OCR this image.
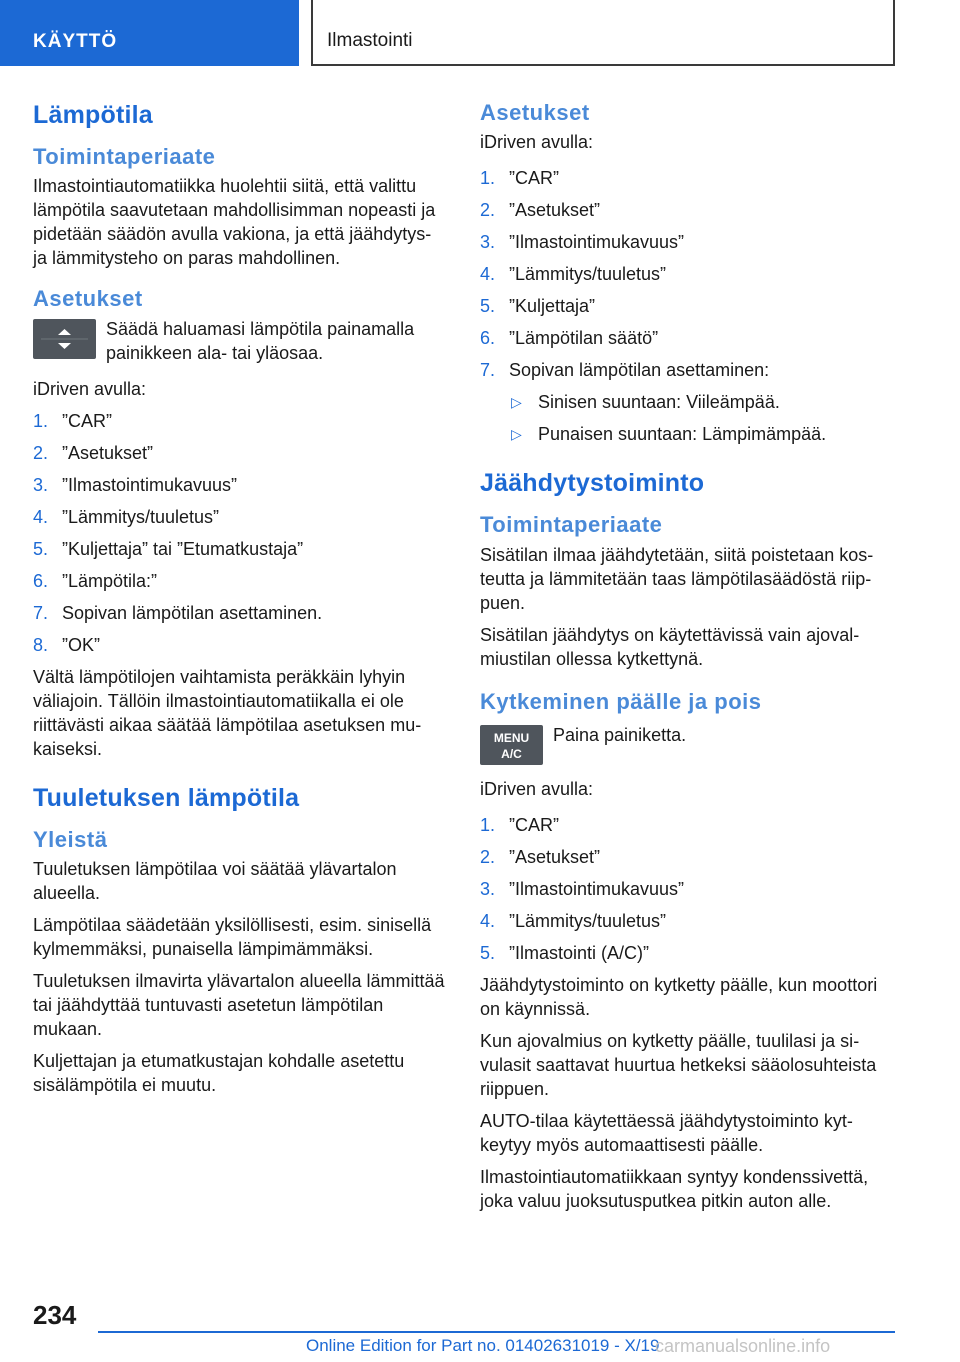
KÄYTTÖ	Ilmastointi
Lämpötila
Toimintaperiaate

Ilmastointiautomatiikka huolehtii siitä, että valittu lämpötila saavutetaan mahdollisimman nopeasti ja pidetään säädön avulla vakiona, ja että jäähdytys- ja lämmitysteho on paras mahdollinen.

Asetukset
Säädä haluamasi lämpötila painamalla painikkeen ala- tai yläosaa.

iDriven avulla:

1. ”CAR”
2. ”Asetukset”
3. ”Ilmastointimukavuus”
4. ”Lämmitys/tuuletus”
5. ”Kuljettaja” tai ”Etumatkustaja”
6. ”Lämpötila:”
7. Sopivan lämpötilan asettaminen.
8. ”OK”

Vältä lämpötilojen vaihtamista peräkkäin lyhyin väliajoin. Tällöin ilmastointiautomatiikalla ei ole riittävästi aikaa säätää lämpötilaa asetuksen mukaiseksi.

Tuuletuksen lämpötila
Yleistä

Tuuletuksen lämpötilaa voi säätää ylävartalon alueella.

Lämpötilaa säädetään yksilöllisesti, esim. sinisellä kylmemmäksi, punaisella lämpimämmäksi.

Tuuletuksen ilmavirta ylävartalon alueella lämmittää tai jäähdyttää tuntuvasti asetetun lämpötilan mukaan.

Kuljettajan ja etumatkustajan kohdalle asetettu sisälämpötila ei muutu.

Asetukset

iDriven avulla:

1. ”CAR”
2. ”Asetukset”
3. ”Ilmastointimukavuus”
4. ”Lämmitys/tuuletus”
5. ”Kuljettaja”
6. ”Lämpötilan säätö”
7. Sopivan lämpötilan asettaminen:
▷ Sinisen suuntaan: Viileämpää.
▷ Punaisen suuntaan: Lämpimämpää.
Jäähdytystoiminto
Toimintaperiaate

Sisätilan ilmaa jäähdytetään, siitä poistetaan kosteutta ja lämmitetään taas lämpötilasäädöstä riippuen.

Sisätilan jäähdytys on käytettävissä vain ajovalmiustilan ollessa kytkettynä.

Kytkeminen päälle ja pois
MENU
A/C
Paina painiketta.

iDriven avulla:

1. ”CAR”
2. ”Asetukset”
3. ”Ilmastointimukavuus”
4. ”Lämmitys/tuuletus”
5. ”Ilmastointi (A/C)”

Jäähdytystoiminto on kytketty päälle, kun moottori on käynnissä.

Kun ajovalmius on kytketty päälle, tuulilasi ja sivulasit saattavat huurtua hetkeksi sääolosuhteista riippuen.

AUTO-tilaa käytettäessä jäähdytystoiminto kytkeytyy myös automaattisesti päälle.

Ilmastointiautomatiikkaan syntyy kondenssivettä, joka valuu juoksutusputkea pitkin auton alle.

234
Online Edition for Part no. 01402631019 - X/19
carmanualsonline.info
